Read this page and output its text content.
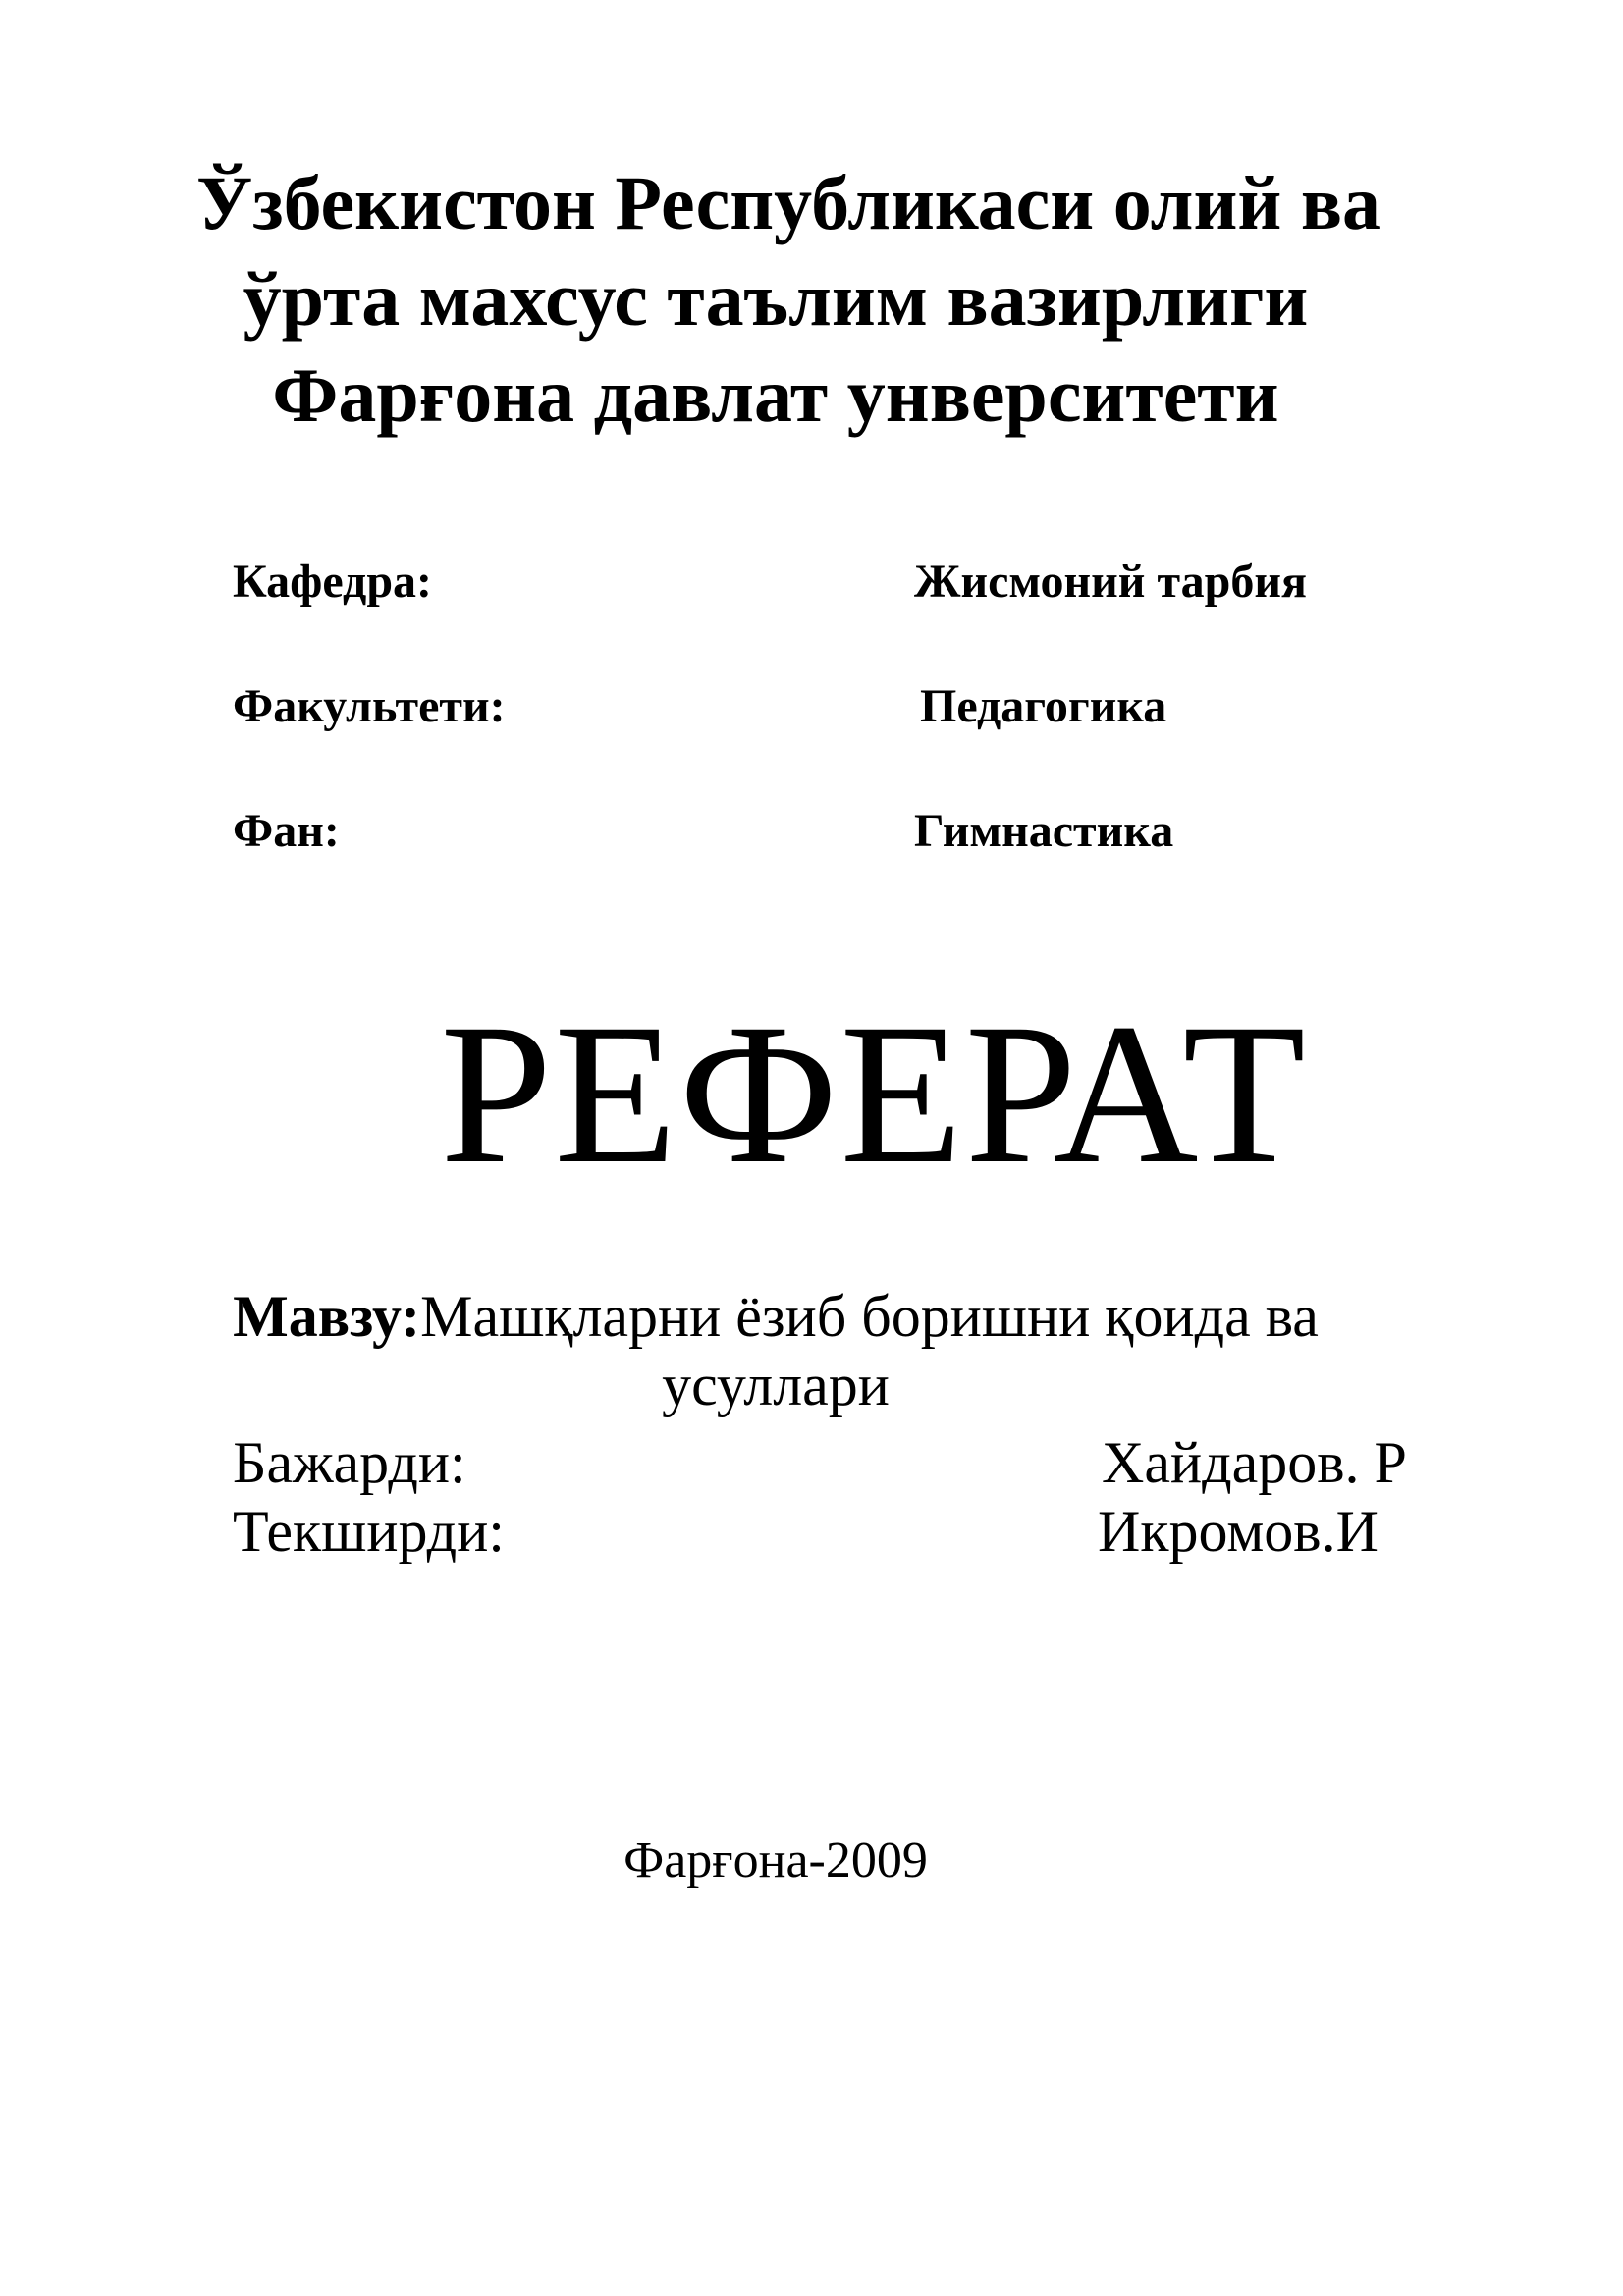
Ўзбекистон Республикаси олий ва
ўрта махсус таълим вазирлиги
Фарғона давлат унверситети
Кафедра:	Жисмоний тарбия
Факультети:	Педагогика
Фан:	Гимнастика
РЕФЕРАТ
Мавзу:Машқларни ёзиб боришни қоида ва
усуллари
Бажарди:	Хайдаров. Р
Текширди:	Икромов.И
Фарғона-2009
